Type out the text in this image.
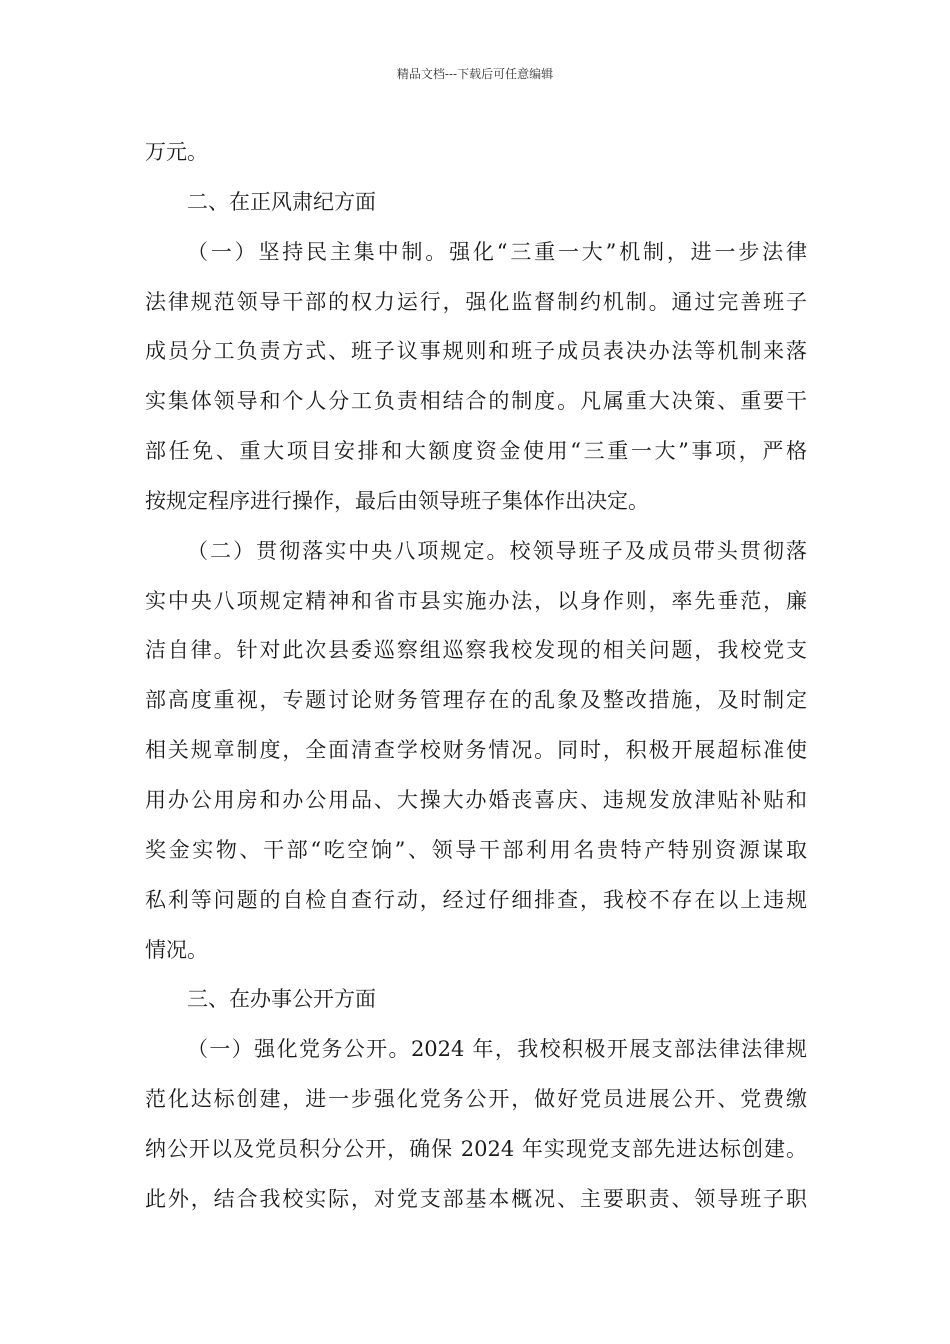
精品文档---下载后可任意编辑
万元。
二、在正风肃纪方面
（一）坚持民主集中制。强化“三重一大”机制，进一步法律
法律规范领导干部的权力运行，强化监督制约机制。通过完善班子
成员分工负责方式、班子议事规则和班子成员表决办法等机制来落
实集体领导和个人分工负责相结合的制度。凡属重大决策、重要干
部任免、重大项目安排和大额度资金使用“三重一大”事项，严格
按规定程序进行操作，最后由领导班子集体作出决定。
（二）贯彻落实中央八项规定。校领导班子及成员带头贯彻落
实中央八项规定精神和省市县实施办法，以身作则，率先垂范，廉
洁自律。针对此次县委巡察组巡察我校发现的相关问题，我校党支
部高度重视，专题讨论财务管理存在的乱象及整改措施，及时制定
相关规章制度，全面清查学校财务情况。同时，积极开展超标准使
用办公用房和办公用品、大操大办婚丧喜庆、违规发放津贴补贴和
奖金实物、干部“吃空饷”、领导干部利用名贵特产特别资源谋取
私利等问题的自检自查行动，经过仔细排查，我校不存在以上违规
情况。
三、在办事公开方面
（一）强化党务公开。2024 年，我校积极开展支部法律法律规
范化达标创建，进一步强化党务公开，做好党员进展公开、党费缴
纳公开以及党员积分公开，确保 2024 年实现党支部先进达标创建。
此外，结合我校实际，对党支部基本概况、主要职责、领导班子职
